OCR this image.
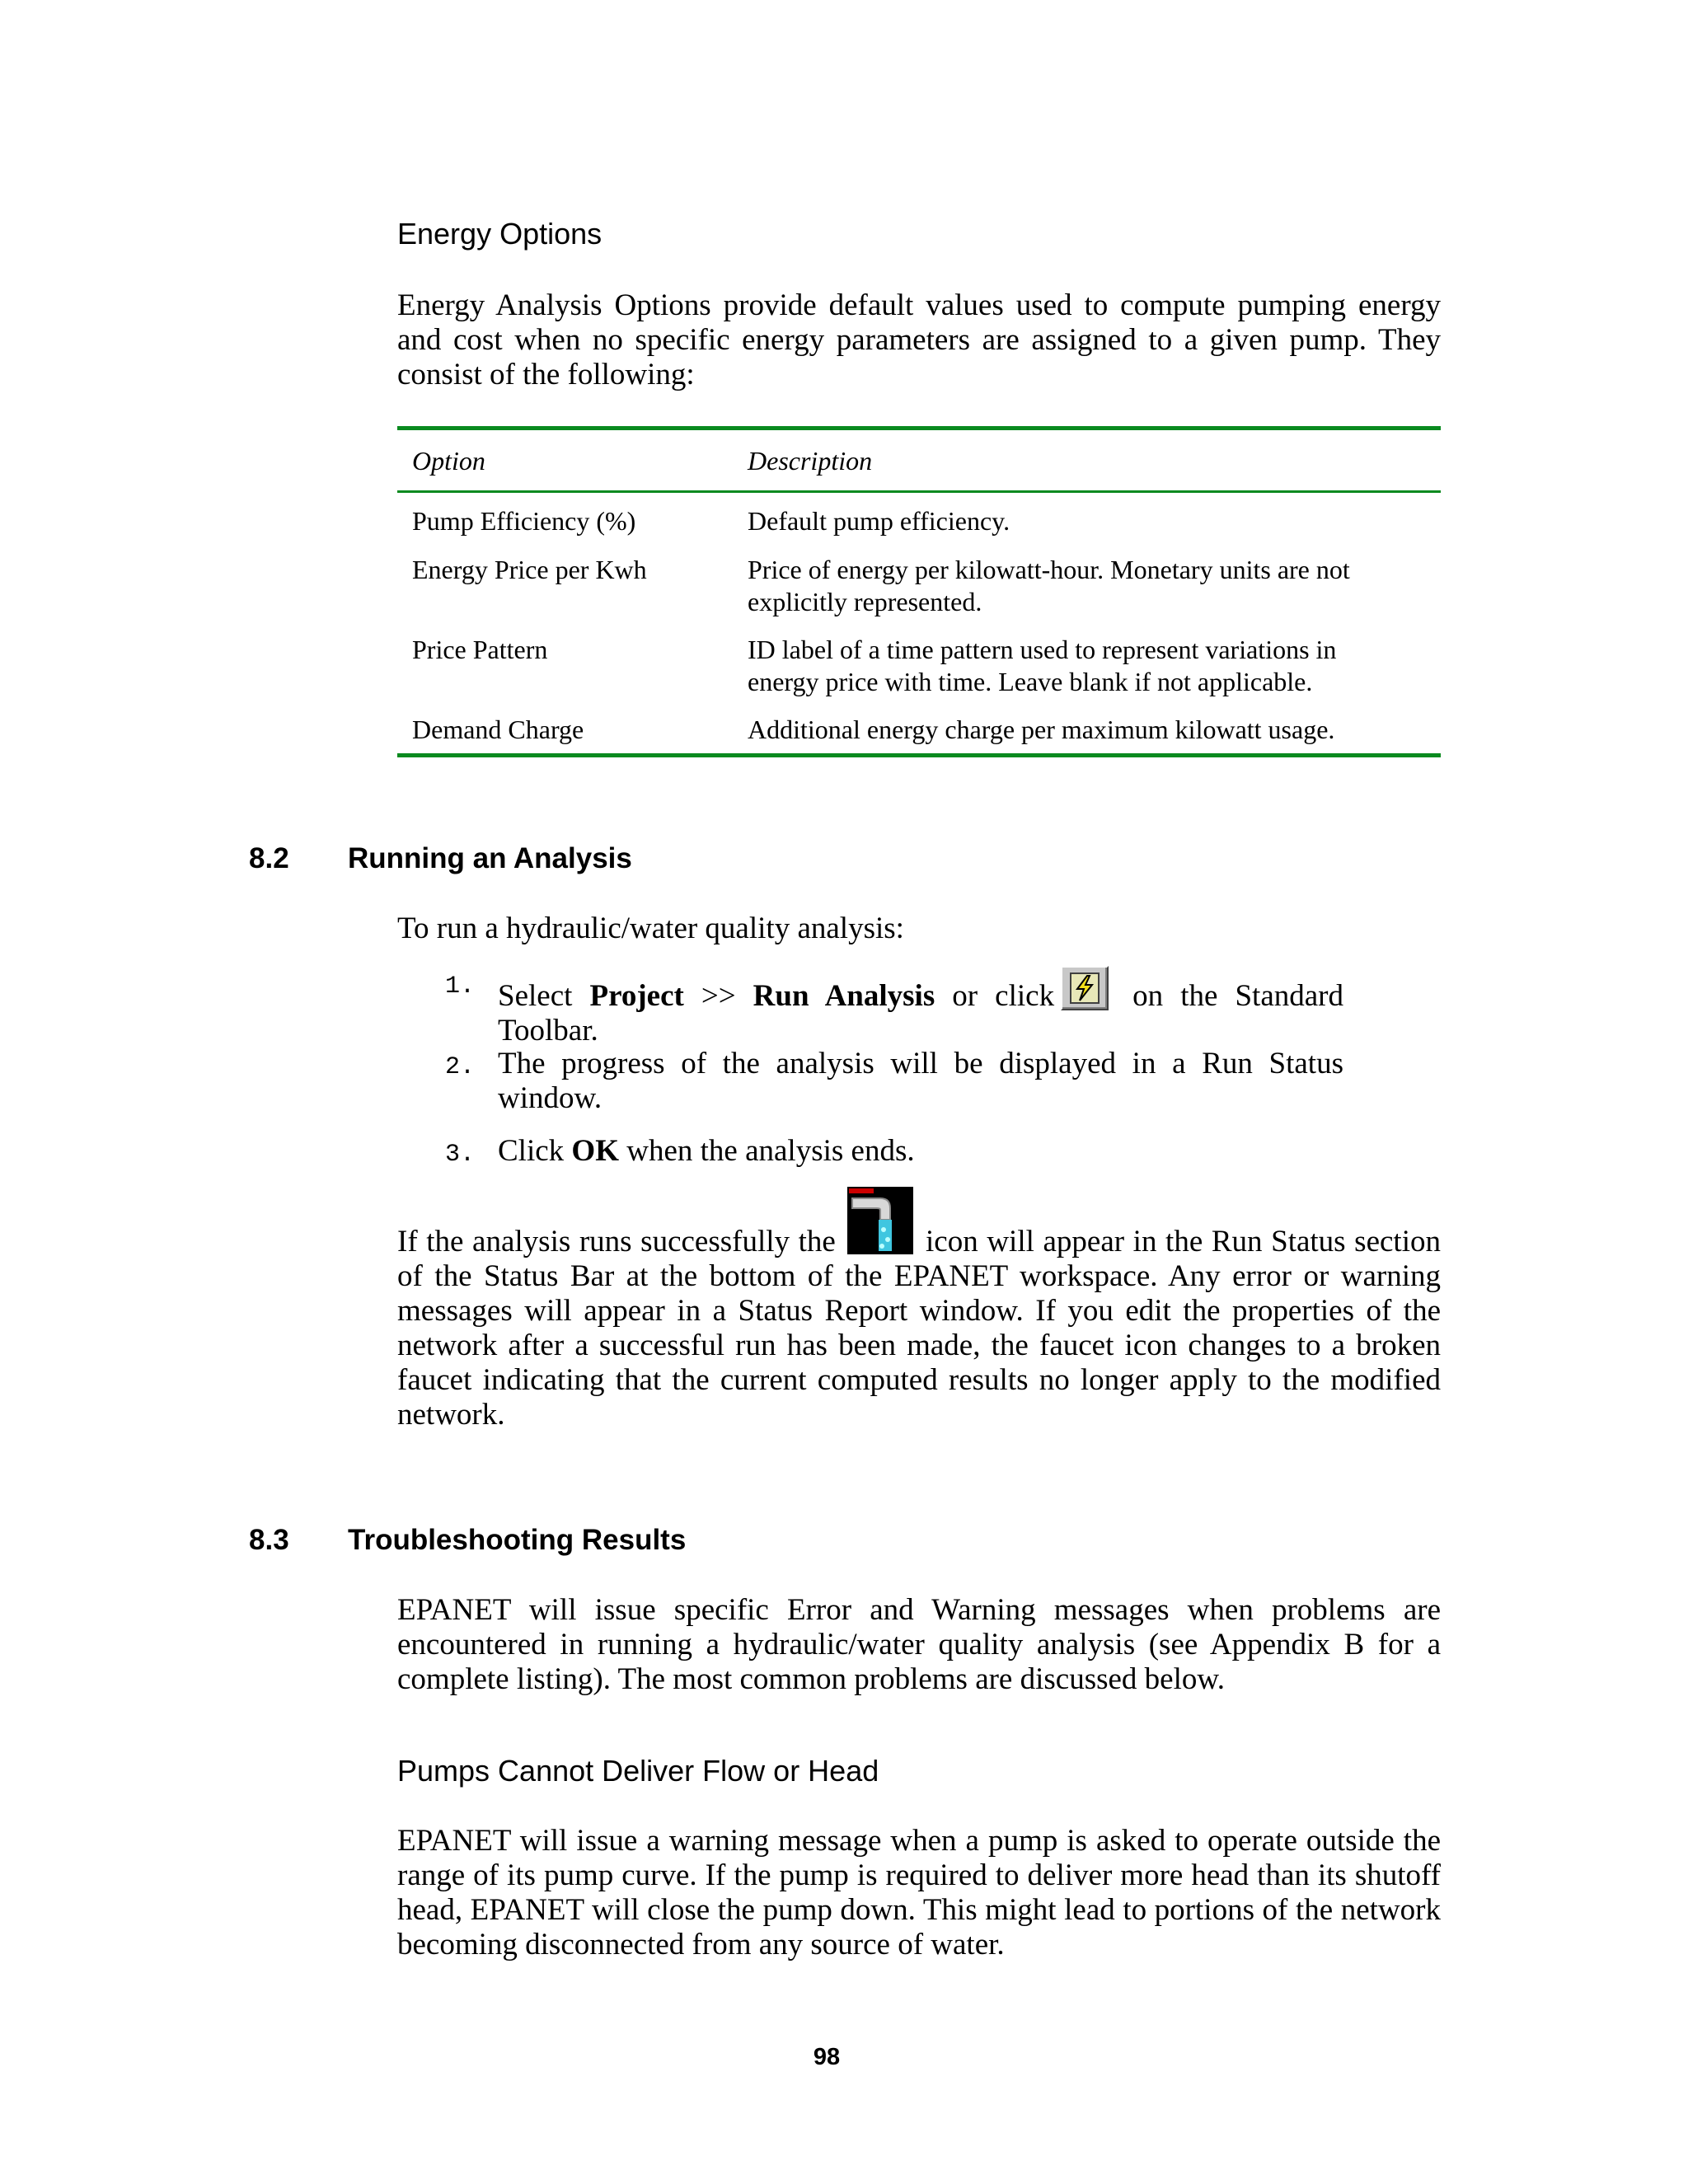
Energy Options
Energy Analysis Options provide default values used to compute pumping energy and cost when no specific energy parameters are assigned to a given pump. They consist of the following:
Option	Description
Pump Efficiency (%)	Default pump efficiency.
Energy Price per Kwh	Price of energy per kilowatt-hour. Monetary units are not explicitly represented.
Price Pattern	ID label of a time pattern used to represent variations in energy price with time. Leave blank if not applicable.
Demand Charge	Additional energy charge per maximum kilowatt usage.
8.2 Running an Analysis
To run a hydraulic/water quality analysis:
1. Select Project >> Run Analysis or click
on the Standard Toolbar.
2. The progress of the analysis will be displayed in a Run Status window.
3. Click OK when the analysis ends.
If the analysis runs successfully the  icon will appear in the Run Status section of the Status Bar at the bottom of the EPANET workspace. Any error or warning messages will appear in a Status Report window. If you edit the properties of the network after a successful run has been made, the faucet icon changes to a broken faucet indicating that the current computed results no longer apply to the modified network.
8.3 Troubleshooting Results
EPANET will issue specific Error and Warning messages when problems are encountered in running a hydraulic/water quality analysis (see Appendix B for a complete listing). The most common problems are discussed below.
Pumps Cannot Deliver Flow or Head
EPANET will issue a warning message when a pump is asked to operate outside the range of its pump curve. If the pump is required to deliver more head than its shutoff head, EPANET will close the pump down. This might lead to portions of the network becoming disconnected from any source of water.
98
